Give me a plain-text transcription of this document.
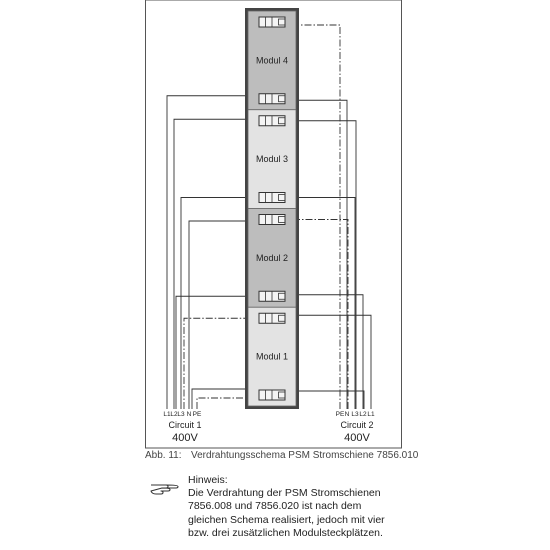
Modul 4
Modul 3
Modul 2
Modul 1
L1 L2 L3 N PE	PE N L3 L2 L1
Circuit 1
400V
Circuit 2
400V
Abb. 11: Verdrahtungsschema PSM Stromschiene 7856.010
Hinweis:
Die Verdrahtung der PSM Stromschienen 7856.008 und 7856.020 ist nach dem gleichen Schema realisiert, jedoch mit vier bzw. drei zusätzlichen Modulsteckplätzen.
